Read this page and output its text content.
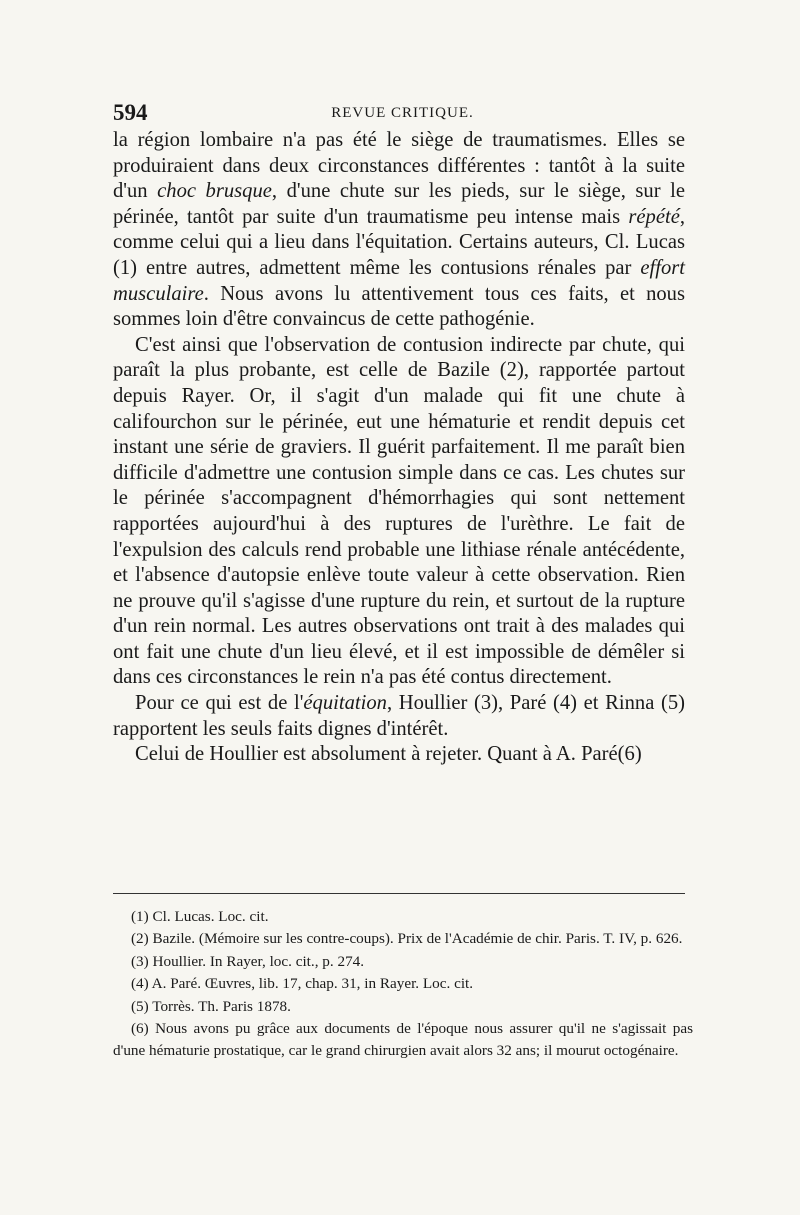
594	REVUE CRITIQUE.

la région lombaire n'a pas été le siège de traumatismes. Elles se produiraient dans deux circonstances différentes : tantôt à la suite d'un choc brusque, d'une chute sur les pieds, sur le siège, sur le périnée, tantôt par suite d'un traumatisme peu intense mais répété, comme celui qui a lieu dans l'équitation. Certains auteurs, Cl. Lucas (1) entre autres, admettent même les contusions rénales par effort musculaire. Nous avons lu attentivement tous ces faits, et nous sommes loin d'être convaincus de cette pathogénie.

C'est ainsi que l'observation de contusion indirecte par chute, qui paraît la plus probante, est celle de Bazile (2), rapportée partout depuis Rayer. Or, il s'agit d'un malade qui fit une chute à califourchon sur le périnée, eut une hématurie et rendit depuis cet instant une série de graviers. Il guérit parfaitement. Il me paraît bien difficile d'admettre une contusion simple dans ce cas. Les chutes sur le périnée s'accompagnent d'hémorrhagies qui sont nettement rapportées aujourd'hui à des ruptures de l'urèthre. Le fait de l'expulsion des calculs rend probable une lithiase rénale antécédente, et l'absence d'autopsie enlève toute valeur à cette observation. Rien ne prouve qu'il s'agisse d'une rupture du rein, et surtout de la rupture d'un rein normal. Les autres observations ont trait à des malades qui ont fait une chute d'un lieu élevé, et il est impossible de démêler si dans ces circonstances le rein n'a pas été contus directement.

Pour ce qui est de l'équitation, Houllier (3), Paré (4) et Rinna (5) rapportent les seuls faits dignes d'intérêt.

Celui de Houllier est absolument à rejeter. Quant à A. Paré(6)

(1) Cl. Lucas. Loc. cit.

(2) Bazile. (Mémoire sur les contre-coups). Prix de l'Académie de chir. Paris. T. IV, p. 626.

(3) Houllier. In Rayer, loc. cit., p. 274.

(4) A. Paré. Œuvres, lib. 17, chap. 31, in Rayer. Loc. cit.

(5) Torrès. Th. Paris 1878.

(6) Nous avons pu grâce aux documents de l'époque nous assurer qu'il ne s'agissait pas d'une hématurie prostatique, car le grand chirurgien avait alors 32 ans; il mourut octogénaire.
